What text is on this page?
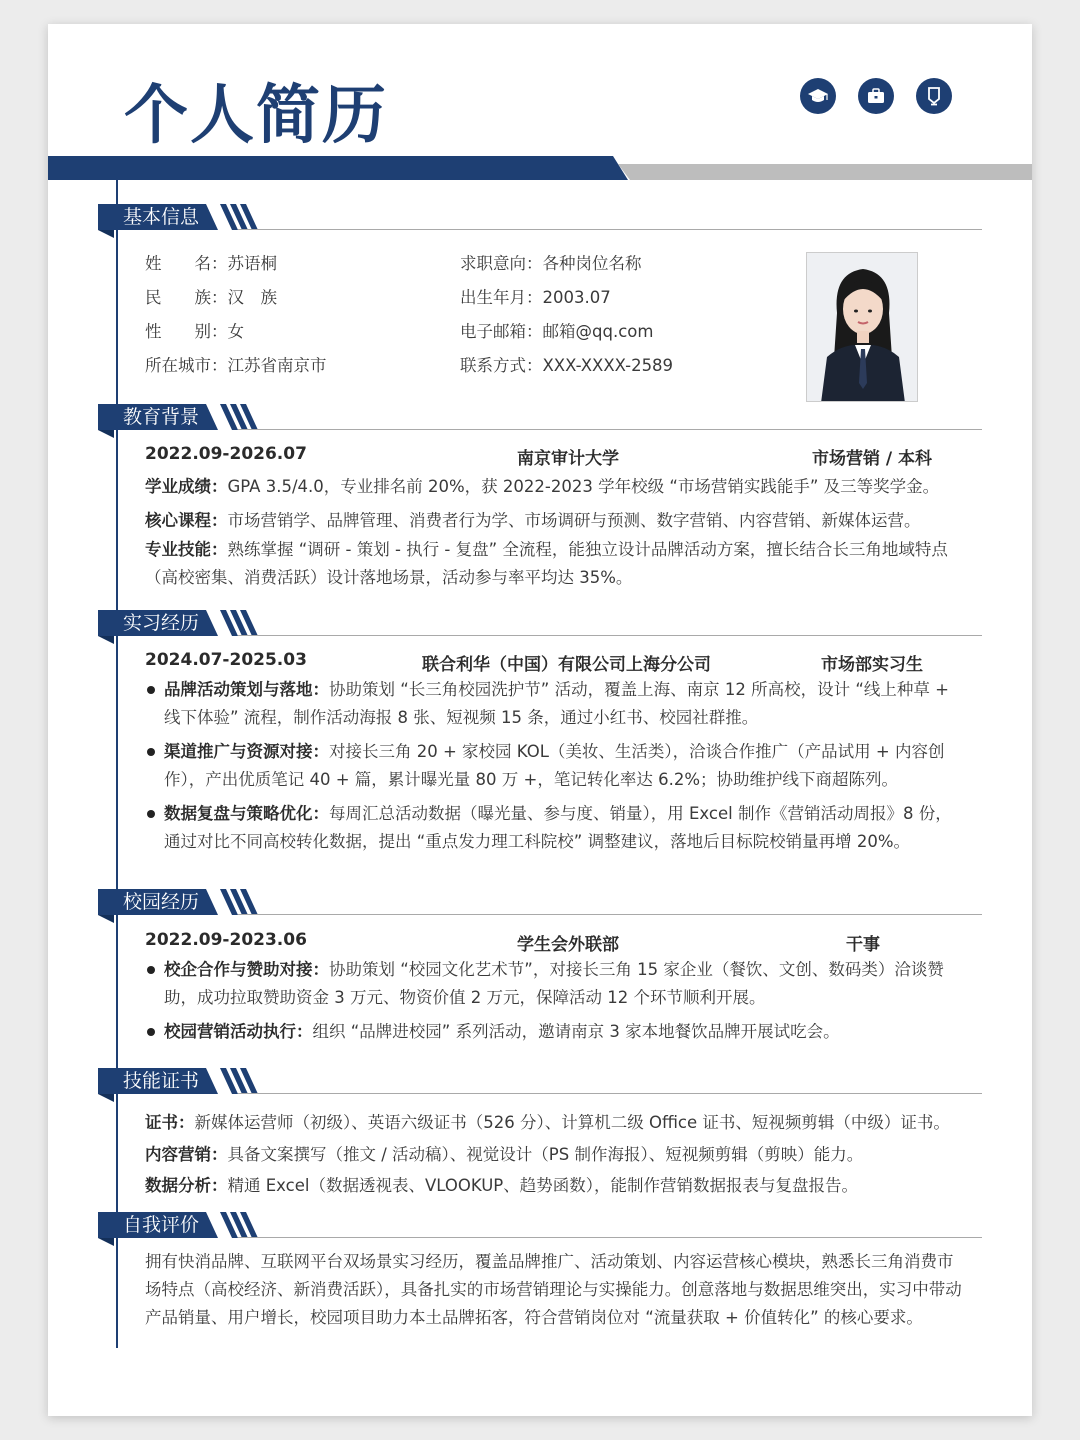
个人简历
基本信息
姓　　名：苏语桐
民　　族：汉　族
性　　别：女
所在城市：江苏省南京市
求职意向：各种岗位名称
出生年月：2003.07
电子邮箱：邮箱@qq.com
联系方式：XXX-XXXX-2589
教育背景
2022.09-2026.07	南京审计大学	市场营销 / 本科
学业成绩：GPA 3.5/4.0，专业排名前 20%，获 2022-2023 学年校级 “市场营销实践能手” 及三等奖学金。
核心课程：市场营销学、品牌管理、消费者行为学、市场调研与预测、数字营销、内容营销、新媒体运营。
专业技能：熟练掌握 “调研 - 策划 - 执行 - 复盘” 全流程，能独立设计品牌活动方案，擅长结合长三角地域特点（高校密集、消费活跃）设计落地场景，活动参与率平均达 35%。
实习经历
2024.07-2025.03	联合利华（中国）有限公司上海分公司	市场部实习生
品牌活动策划与落地：协助策划 “长三角校园洗护节” 活动，覆盖上海、南京 12 所高校，设计 “线上种草 + 线下体验” 流程，制作活动海报 8 张、短视频 15 条，通过小红书、校园社群推。
渠道推广与资源对接：对接长三角 20 + 家校园 KOL（美妆、生活类），洽谈合作推广（产品试用 + 内容创作），产出优质笔记 40 + 篇，累计曝光量 80 万 +，笔记转化率达 6.2%；协助维护线下商超陈列。
数据复盘与策略优化：每周汇总活动数据（曝光量、参与度、销量），用 Excel 制作《营销活动周报》8 份，通过对比不同高校转化数据，提出 “重点发力理工科院校” 调整建议，落地后目标院校销量再增 20%。
校园经历
2022.09-2023.06	学生会外联部	干事
校企合作与赞助对接：协助策划 “校园文化艺术节”，对接长三角 15 家企业（餐饮、文创、数码类）洽谈赞助，成功拉取赞助资金 3 万元、物资价值 2 万元，保障活动 12 个环节顺利开展。
校园营销活动执行：组织 “品牌进校园” 系列活动，邀请南京 3 家本地餐饮品牌开展试吃会。
技能证书
证书：新媒体运营师（初级）、英语六级证书（526 分）、计算机二级 Office 证书、短视频剪辑（中级）证书。
内容营销：具备文案撰写（推文 / 活动稿）、视觉设计（PS 制作海报）、短视频剪辑（剪映）能力。
数据分析：精通 Excel（数据透视表、VLOOKUP、趋势函数），能制作营销数据报表与复盘报告。
自我评价
拥有快消品牌、互联网平台双场景实习经历，覆盖品牌推广、活动策划、内容运营核心模块，熟悉长三角消费市场特点（高校经济、新消费活跃），具备扎实的市场营销理论与实操能力。创意落地与数据思维突出，实习中带动产品销量、用户增长，校园项目助力本土品牌拓客，符合营销岗位对 “流量获取 + 价值转化” 的核心要求。
